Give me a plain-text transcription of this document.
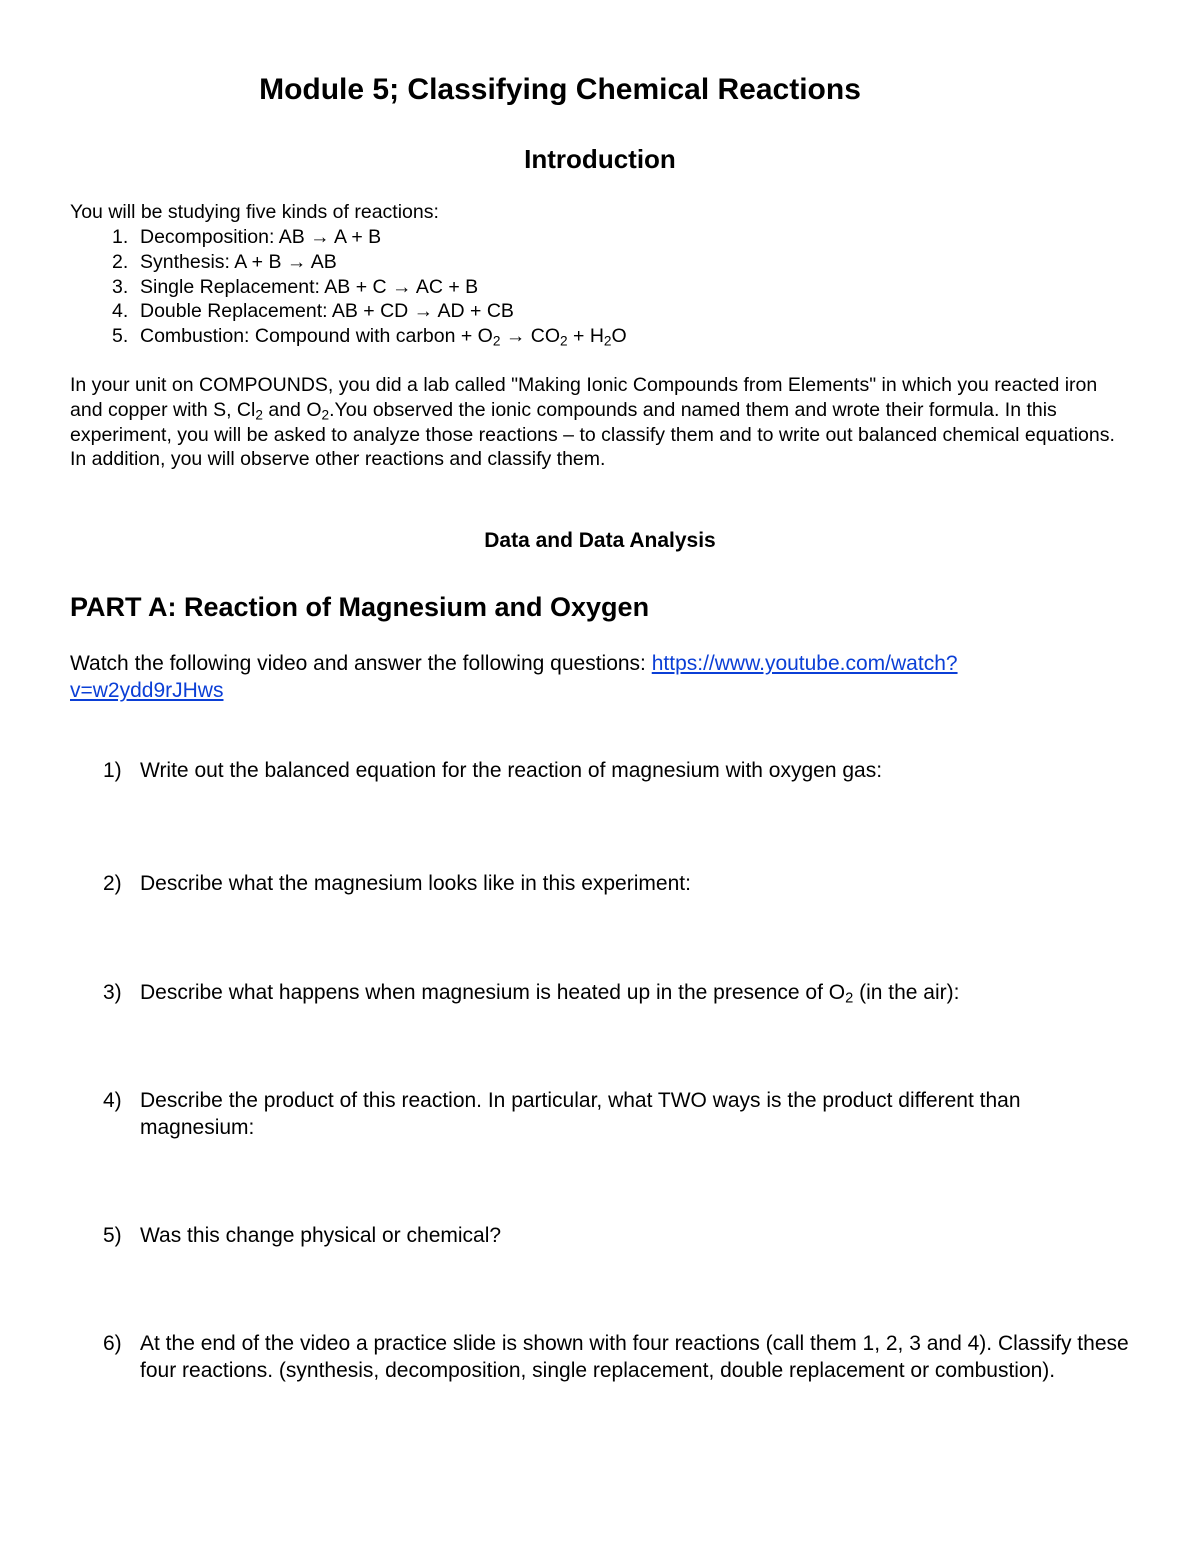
Module 5; Classifying Chemical Reactions
Introduction
You will be studying five kinds of reactions:
1. Decomposition: AB → A + B
2. Synthesis: A + B → AB
3. Single Replacement: AB + C → AC + B
4. Double Replacement: AB + CD → AD + CB
5. Combustion: Compound with carbon + $O_2 \to CO_2 + H_2O$

In your unit on COMPOUNDS, you did a lab called "Making Ionic Compounds from Elements" in which you reacted iron and copper with S, $Cl_2$ and $O_2.You$ observed the ionic compounds and named them and wrote their formula. In this experiment, you will be asked to analyze those reactions – to classify them and to write out balanced chemical equations. In addition, you will observe other reactions and classify them.

Data and Data Analysis
PART A: Reaction of Magnesium and Oxygen
Watch the following video and answer the following questions: https://www.youtube.com/watch?
v=w2ydd9rJHws
1) Write out the balanced equation for the reaction of magnesium with oxygen gas:
2) Describe what the magnesium looks like in this experiment:
3) Describe what happens when magnesium is heated up in the presence of $O_2$ (in the air):
4) Describe the product of this reaction. In particular, what TWO ways is the product different than magnesium:
5) Was this change physical or chemical?
6) At the end of the video a practice slide is shown with four reactions (call them 1, 2, 3 and 4). Classify these four reactions. (synthesis, decomposition, single replacement, double replacement or combustion).
